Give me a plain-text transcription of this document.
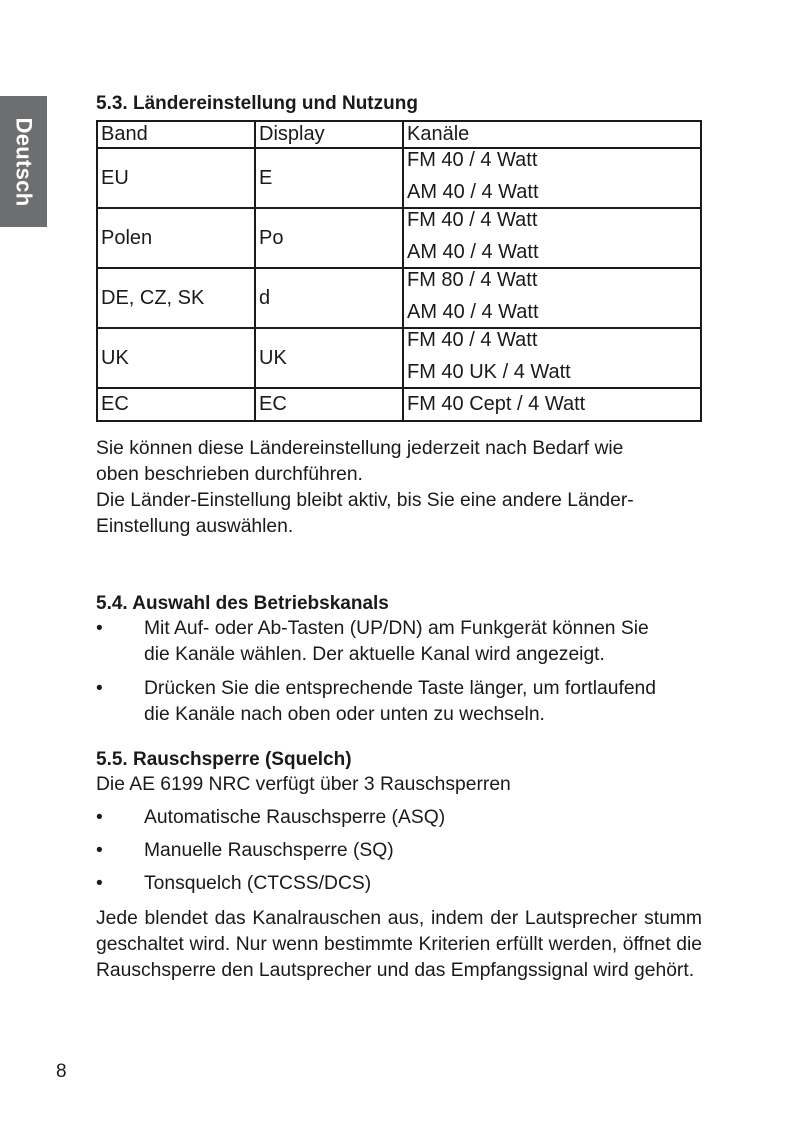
Deutsch
5.3. Ländereinstellung und Nutzung
Band	Display	Kanäle
EU	E	FM 40 / 4 Watt
AM 40 / 4 Watt

Polen	Po	FM 40 / 4 Watt
AM 40 / 4 Watt

DE, CZ, SK	d	FM 80 / 4 Watt
AM 40 / 4 Watt

UK	UK	FM 40 / 4 Watt
FM 40 UK / 4 Watt

EC	EC	FM 40 Cept / 4 Watt

Sie können diese Ländereinstellung jederzeit nach Bedarf wie

oben beschrieben durchführen.

Die Länder-Einstellung bleibt aktiv, bis Sie eine andere Länder-

Einstellung auswählen.

5.4. Auswahl des Betriebskanals
• Mit Auf- oder Ab-Tasten (UP/DN) am Funkgerät können Sie
die Kanäle wählen. Der aktuelle Kanal wird angezeigt.
• Drücken Sie die entsprechende Taste länger, um fortlaufend
die Kanäle nach oben oder unten zu wechseln.
5.5. Rauschsperre (Squelch)

Die AE 6199 NRC verfügt über 3 Rauschsperren

• Automatische Rauschsperre (ASQ)
• Manuelle Rauschsperre (SQ)
• Tonsquelch (CTCSS/DCS)

Jede blendet das Kanalrauschen aus, indem der Lautsprecher stumm geschaltet wird. Nur wenn bestimmte Kriterien erfüllt werden, öffnet die Rauschsperre den Lautsprecher und das Empfangssignal wird gehört.

8
